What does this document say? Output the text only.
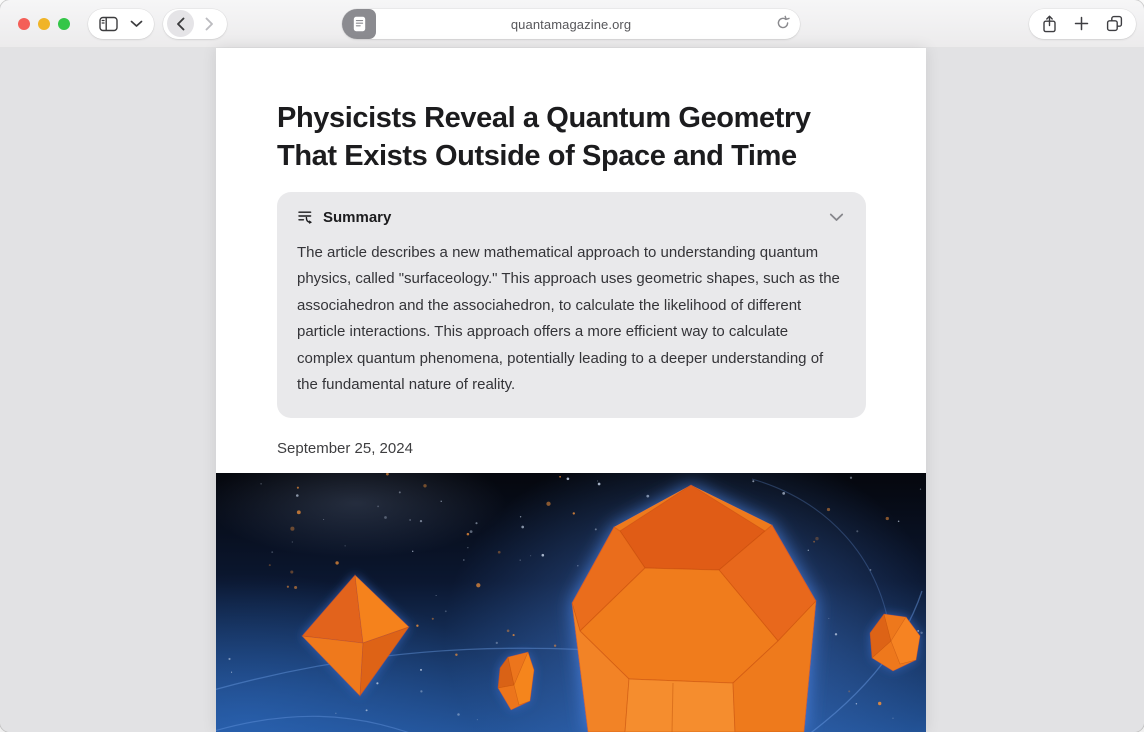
quantamagazine.org
Physicists Reveal a Quantum Geometry That Exists Outside of Space and Time
Summary

The article describes a new mathematical approach to understanding quantum physics, called "surfaceology." This approach uses geometric shapes, such as the associahedron and the associahedron, to calculate the likelihood of different particle interactions. This approach offers a more efficient way to calculate complex quantum phenomena, potentially leading to a deeper understanding of the fundamental nature of reality.

September 25, 2024
